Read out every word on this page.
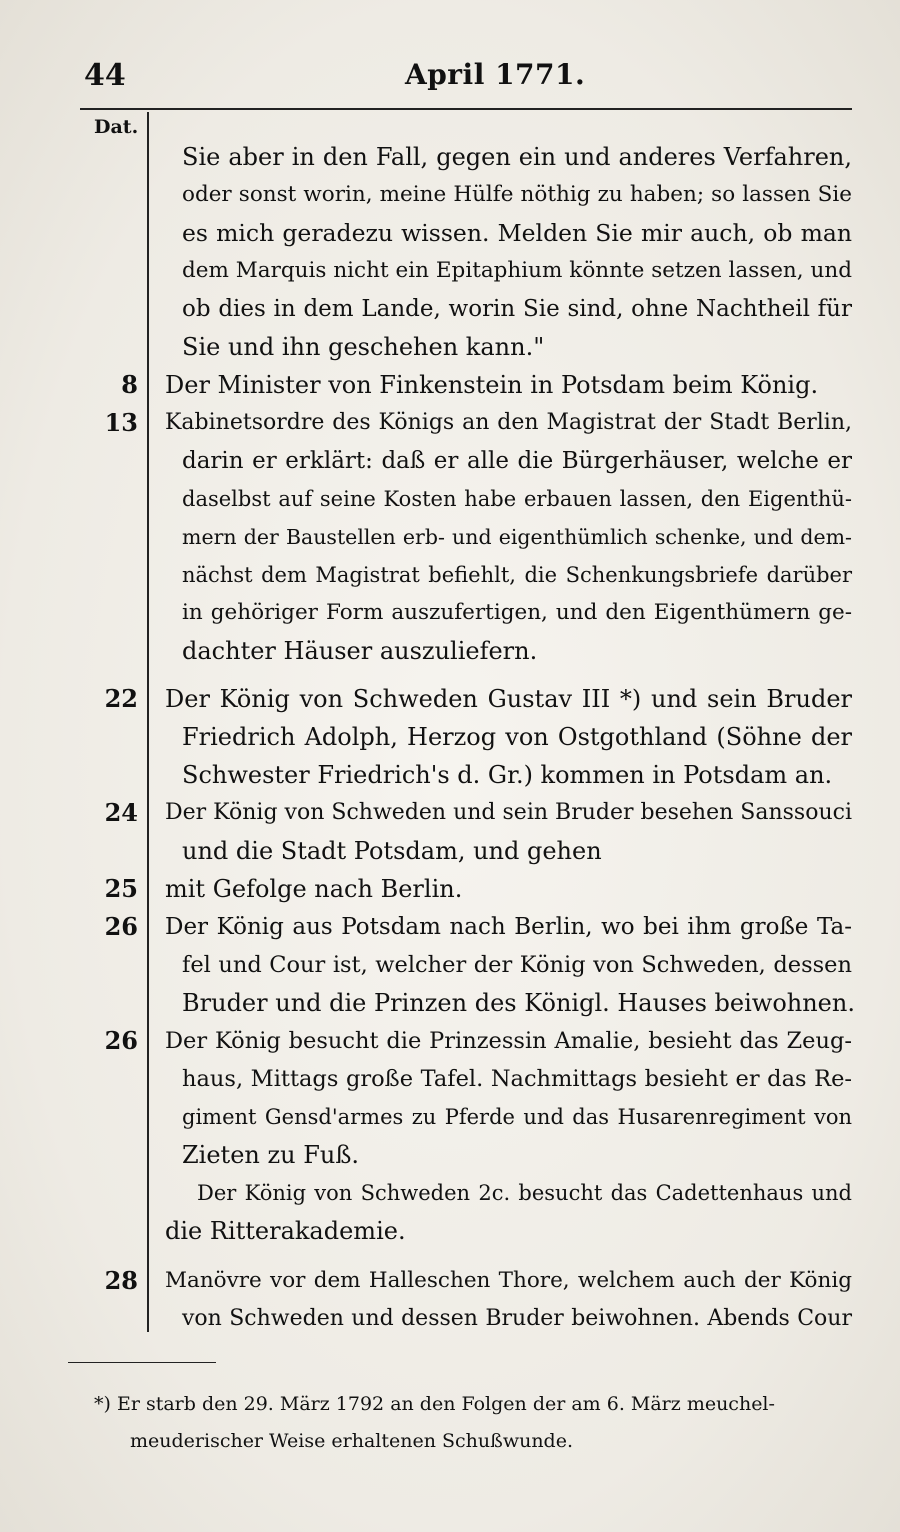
44	April 1771.
Dat.
Sie aber in den Fall, gegen ein und anderes Verfahren,
oder sonst worin, meine Hülfe nöthig zu haben; so lassen Sie
es mich geradezu wissen. Melden Sie mir auch, ob man
dem Marquis nicht ein Epitaphium könnte setzen lassen, und
ob dies in dem Lande, worin Sie sind, ohne Nachtheil für
Sie und ihn geschehen kann."
8 Der Minister von Finkenstein in Potsdam beim König.
13 Kabinetsordre des Königs an den Magistrat der Stadt Berlin,
darin er erklärt: daß er alle die Bürgerhäuser, welche er
daselbst auf seine Kosten habe erbauen lassen, den Eigenthü-
mern der Baustellen erb- und eigenthümlich schenke, und dem-
nächst dem Magistrat befiehlt, die Schenkungsbriefe darüber
in gehöriger Form auszufertigen, und den Eigenthümern ge-
dachter Häuser auszuliefern.
22 Der König von Schweden Gustav III *) und sein Bruder
Friedrich Adolph, Herzog von Ostgothland (Söhne der
Schwester Friedrich's d. Gr.) kommen in Potsdam an.
24 Der König von Schweden und sein Bruder besehen Sanssouci
und die Stadt Potsdam, und gehen
25 mit Gefolge nach Berlin.
26 Der König aus Potsdam nach Berlin, wo bei ihm große Ta-
fel und Cour ist, welcher der König von Schweden, dessen
Bruder und die Prinzen des Königl. Hauses beiwohnen.
26 Der König besucht die Prinzessin Amalie, besieht das Zeug-
haus, Mittags große Tafel. Nachmittags besieht er das Re-
giment Gensd'armes zu Pferde und das Husarenregiment von
Zieten zu Fuß.
Der König von Schweden 2c. besucht das Cadettenhaus und
die Ritterakademie.
28 Manövre vor dem Halleschen Thore, welchem auch der König
von Schweden und dessen Bruder beiwohnen. Abends Cour
*) Er starb den 29. März 1792 an den Folgen der am 6. März meuchel-
meuderischer Weise erhaltenen Schußwunde.
